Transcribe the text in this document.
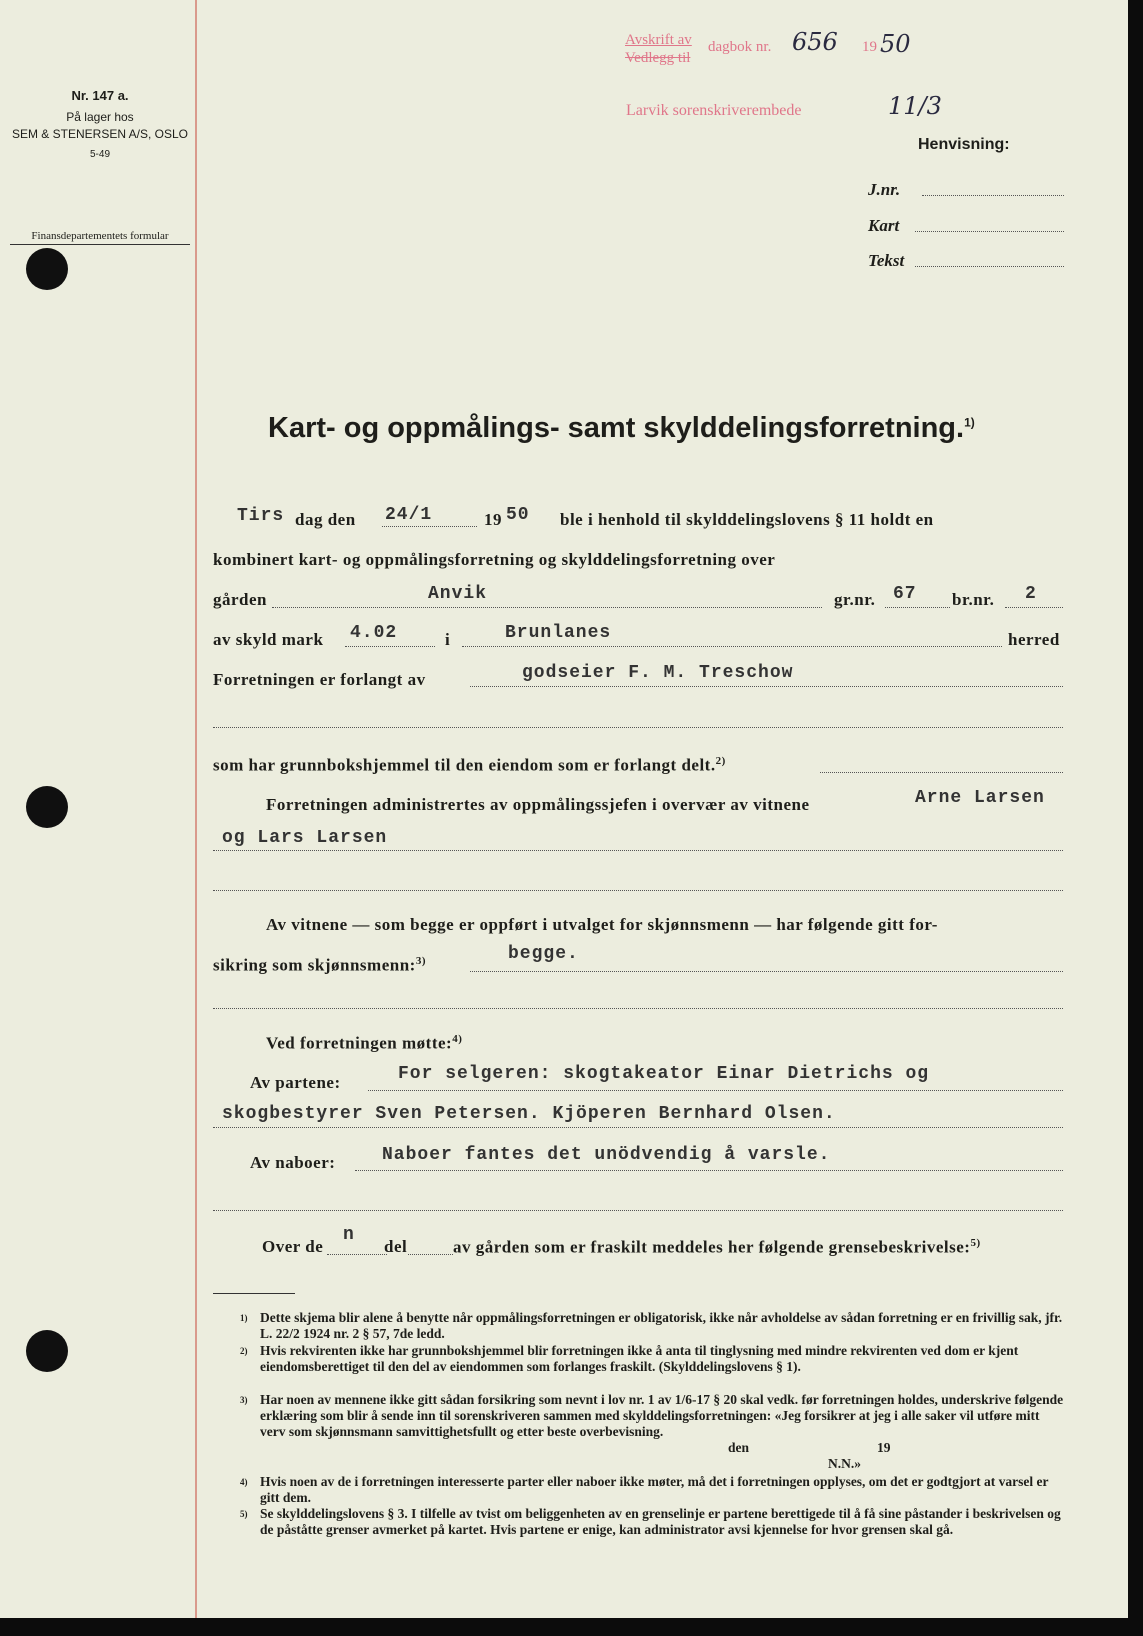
Nr. 147 a.
På lager hos
SEM & STENERSEN A/S, OSLO
5-49
Finansdepartementets formular
Avskrift av
Vedlegg til
dagbok nr. 656 19 50
Larvik sorenskriverembede	11/3
Henvisning:
J.nr.
Kart
Tekst
Kart- og oppmålings- samt skylddelingsforretning.$^{1)}$
Tirs dag den 24/1	19 50 ble i henhold til skylddelingslovens § 11 holdt en
kombinert kart- og oppmålingsforretning og skylddelingsforretning over
gården	Anvik	gr.nr. 67 br.nr. 2
av skyld mark 4.02	i	Brunlanes	herred
Forretningen er forlangt av	godseier F. M. Treschow
som har grunnbokshjemmel til den eiendom som er forlangt delt.$^{2)}$
Forretningen administrertes av oppmålingssjefen i overvær av vitnene	Arne Larsen
og Lars Larsen
Av vitnene — som begge er oppført i utvalget for skjønnsmenn — har følgende gitt for-
sikring som skjønnsmenn:$^{3)}$	begge.
Ved forretningen møtte:$^{4)}$
Av partene:	For selgeren: skogtakeator Einar Dietrichs og
skogbestyrer Sven Petersen. Kjöperen Bernhard Olsen.
Av naboer:	Naboer fantes det unödvendig å varsle.
Over de
n
del	av gården som er fraskilt meddeles her følgende grensebeskrivelse:$^{5)}$
1) Dette skjema blir alene å benytte når oppmålingsforretningen er obligatorisk, ikke når avholdelse av sådan forretning er en frivillig sak, jfr. L. 22/2 1924 nr. 2 § 57, 7de ledd.
2) Hvis rekvirenten ikke har grunnbokshjemmel blir forretningen ikke å anta til tinglysning med mindre rekvirenten ved dom er kjent eiendomsberettiget til den del av eiendommen som forlanges fraskilt. (Skylddelingslovens § 1).
3) Har noen av mennene ikke gitt sådan forsikring som nevnt i lov nr. 1 av 1/6-17 § 20 skal vedk. før forretningen holdes, underskrive følgende erklæring som blir å sende inn til sorenskriveren sammen med skylddelingsforretningen: «Jeg forsikrer at jeg i alle saker vil utføre mitt verv som skjønnsmann samvittighetsfullt og etter beste overbevisning.
den	19
N.N.»
4) Hvis noen av de i forretningen interesserte parter eller naboer ikke møter, må det i forretningen opplyses, om det er godtgjort at varsel er gitt dem.
5) Se skylddelingslovens § 3. I tilfelle av tvist om beliggenheten av en grenselinje er partene berettigede til å få sine påstander i beskrivelsen og de påståtte grenser avmerket på kartet. Hvis partene er enige, kan administrator avsi kjennelse for hvor grensen skal gå.
